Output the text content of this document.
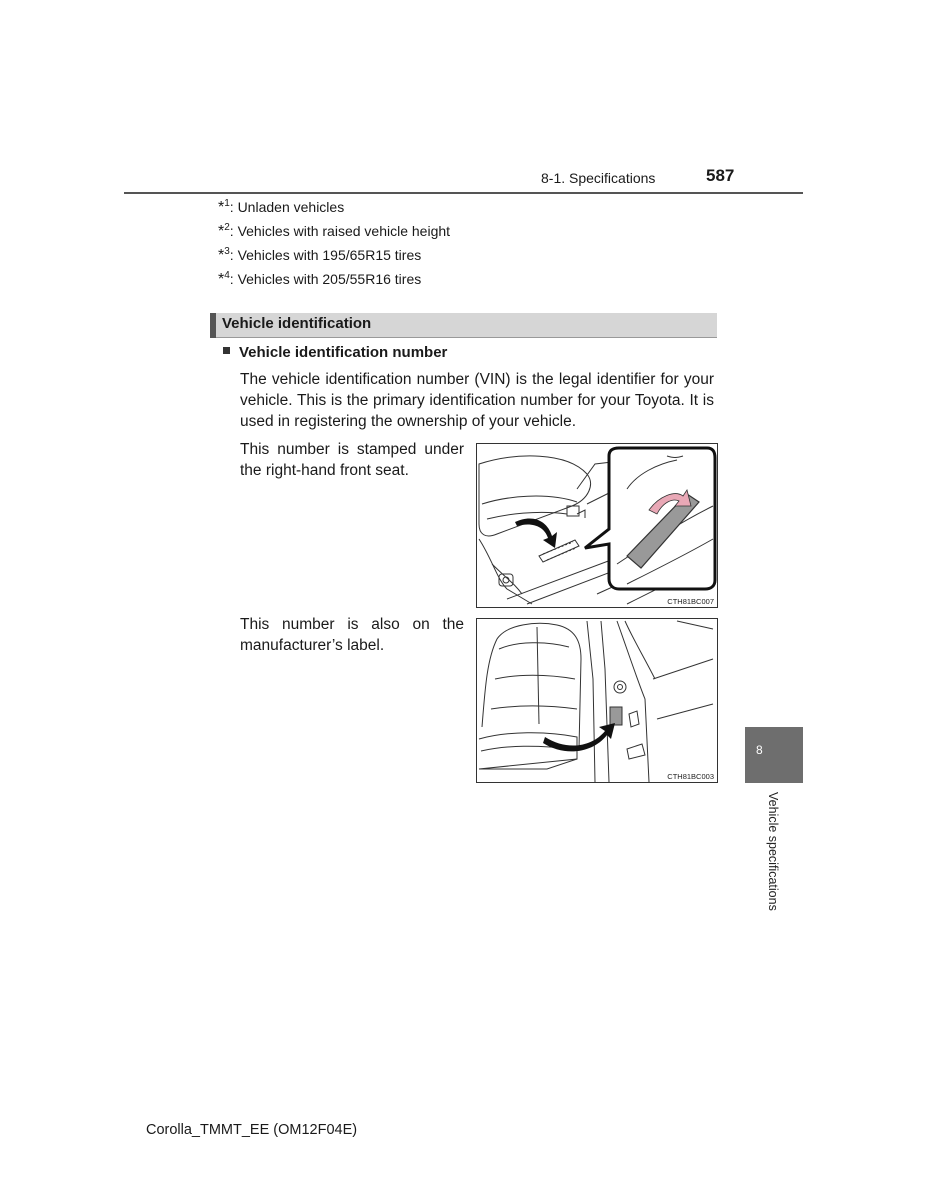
8-1. Specifications	587
*$^1$: Unladen vehicles
*$^2$: Vehicles with raised vehicle height
*$^3$: Vehicles with 195/65R15 tires
*$^4$: Vehicles with 205/55R16 tires
Vehicle identification
Vehicle identification number
The vehicle identification number (VIN) is the legal identifier for your vehicle. This is the primary identification number for your Toyota. It is used in registering the ownership of your vehicle.
This number is stamped under the right-hand front seat.
This number is also on the manufacturer’s label.
CTH81BC007
CTH81BC003
8
Vehicle specifications
Corolla_TMMT_EE (OM12F04E)
